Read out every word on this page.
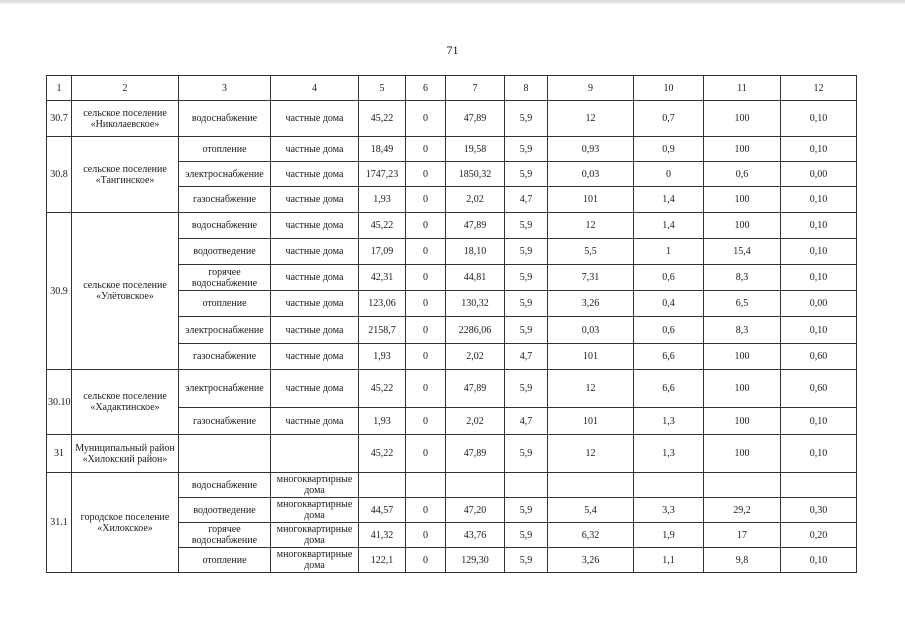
71
1	2	3	4	5	6	7	8	9	10	11	12
30.7	сельское поселение «Николаевское»	водоснабжение	частные дома	45,22	0	47,89	5,9	12	0,7	100	0,10
30.8	сельское поселение «Тангинское»	отопление	частные дома	18,49	0	19,58	5,9	0,93	0,9	100	0,10
		электроснабжение	частные дома	1747,23	0	1850,32	5,9	0,03	0	0,6	0,00
		газоснабжение	частные дома	1,93	0	2,02	4,7	101	1,4	100	0,10
30.9	сельское поселение «Улётовское»	водоснабжение	частные дома	45,22	0	47,89	5,9	12	1,4	100	0,10
		водоотведение	частные дома	17,09	0	18,10	5,9	5,5	1	15,4	0,10
		горячее водоснабжение	частные дома	42,31	0	44,81	5,9	7,31	0,6	8,3	0,10
		отопление	частные дома	123,06	0	130,32	5,9	3,26	0,4	6,5	0,00
		электроснабжение	частные дома	2158,7	0	2286,06	5,9	0,03	0,6	8,3	0,10
		газоснабжение	частные дома	1,93	0	2,02	4,7	101	6,6	100	0,60
30.10	сельское поселение «Хадактинское»	электроснабжение	частные дома	45,22	0	47,89	5,9	12	6,6	100	0,60
		газоснабжение	частные дома	1,93	0	2,02	4,7	101	1,3	100	0,10
31	Муниципальный район «Хилокский район»			45,22	0	47,89	5,9	12	1,3	100	0,10
31.1	городское поселение «Хилокское»	водоснабжение	многоквартирные дома								
		водоотведение	многоквартирные дома	44,57	0	47,20	5,9	5,4	3,3	29,2	0,30
		горячее водоснабжение	многоквартирные дома	41,32	0	43,76	5,9	6,32	1,9	17	0,20
		отопление	многоквартирные дома	122,1	0	129,30	5,9	3,26	1,1	9,8	0,10
